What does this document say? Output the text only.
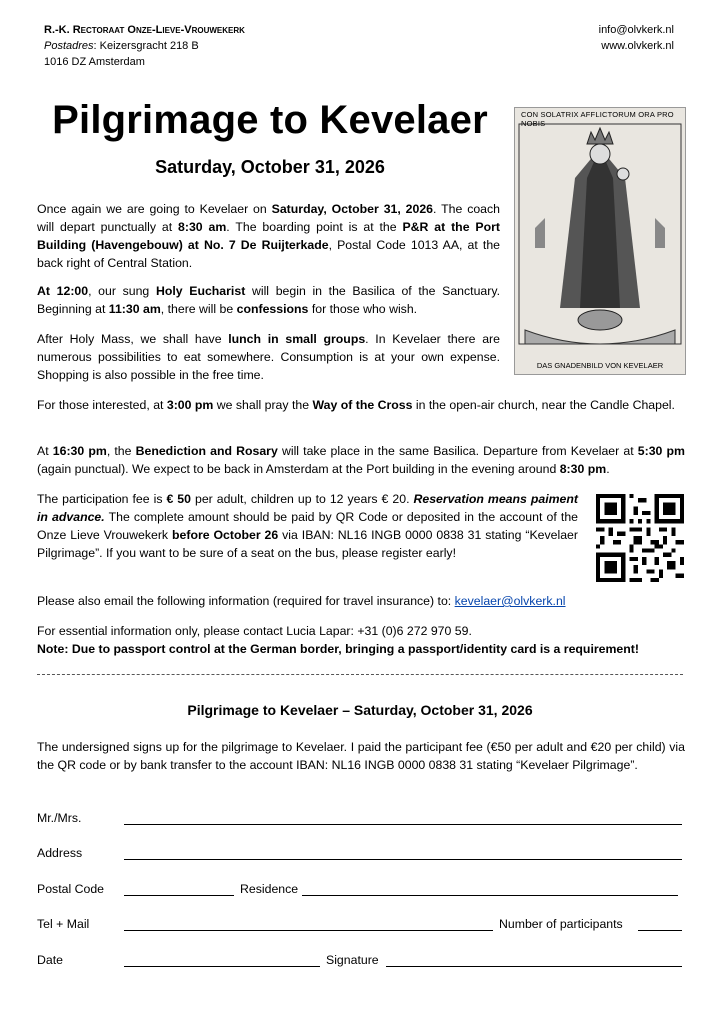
R.-K. Rectoraat Onze-Lieve-Vrouwekerk
Postadres: Keizersgracht 218 B
1016 DZ Amsterdam
info@olvkerk.nl
www.olvkerk.nl
Pilgrimage to Kevelaer
Saturday, October 31, 2026
CON SOLATRIX AFFLICTORUM ORA PRO NOBIS
DAS GNADENBILD VON KEVELAER
Once again we are going to Kevelaer on Saturday, October 31, 2026. The coach will depart punctually at 8:30 am. The boarding point is at the P&R at the Port Building (Havengebouw) at No. 7 De Ruijterkade, Postal Code 1013 AA, at the back right of Central Station.
At 12:00, our sung Holy Eucharist will begin in the Basilica of the Sanctuary. Beginning at 11:30 am, there will be confessions for those who wish.
After Holy Mass, we shall have lunch in small groups. In Kevelaer there are numerous possibilities to eat somewhere. Consumption is at your own expense. Shopping is also possible in the free time.
For those interested, at 3:00 pm we shall pray the Way of the Cross in the open-air church, near the Candle Chapel.
At 16:30 pm, the Benediction and Rosary will take place in the same Basilica. Departure from Kevelaer at 5:30 pm (again punctual). We expect to be back in Amsterdam at the Port building in the evening around 8:30 pm.
The participation fee is € 50 per adult, children up to 12 years € 20. Reservation means paiment in advance. The complete amount should be paid by QR Code or deposited in the account of the Onze Lieve Vrouwekerk before October 26 via IBAN: NL16 INGB 0000 0838 31 stating “Kevelaer Pilgrimage”. If you want to be sure of a seat on the bus, please register early!
Please also email the following information (required for travel insurance) to: kevelaer@olvkerk.nl
For essential information only, please contact Lucia Lapar: +31 (0)6 272 970 59.
Note: Due to passport control at the German border, bringing a passport/identity card is a requirement!
Pilgrimage to Kevelaer – Saturday, October 31, 2026
The undersigned signs up for the pilgrimage to Kevelaer. I paid the participant fee (€50 per adult and €20 per child) via the QR code or by bank transfer to the account IBAN: NL16 INGB 0000 0838 31 stating “Kevelaer Pilgrimage”.
Mr./Mrs.
Address
Postal Code	Residence
Tel + Mail	Number of participants
Date	Signature
